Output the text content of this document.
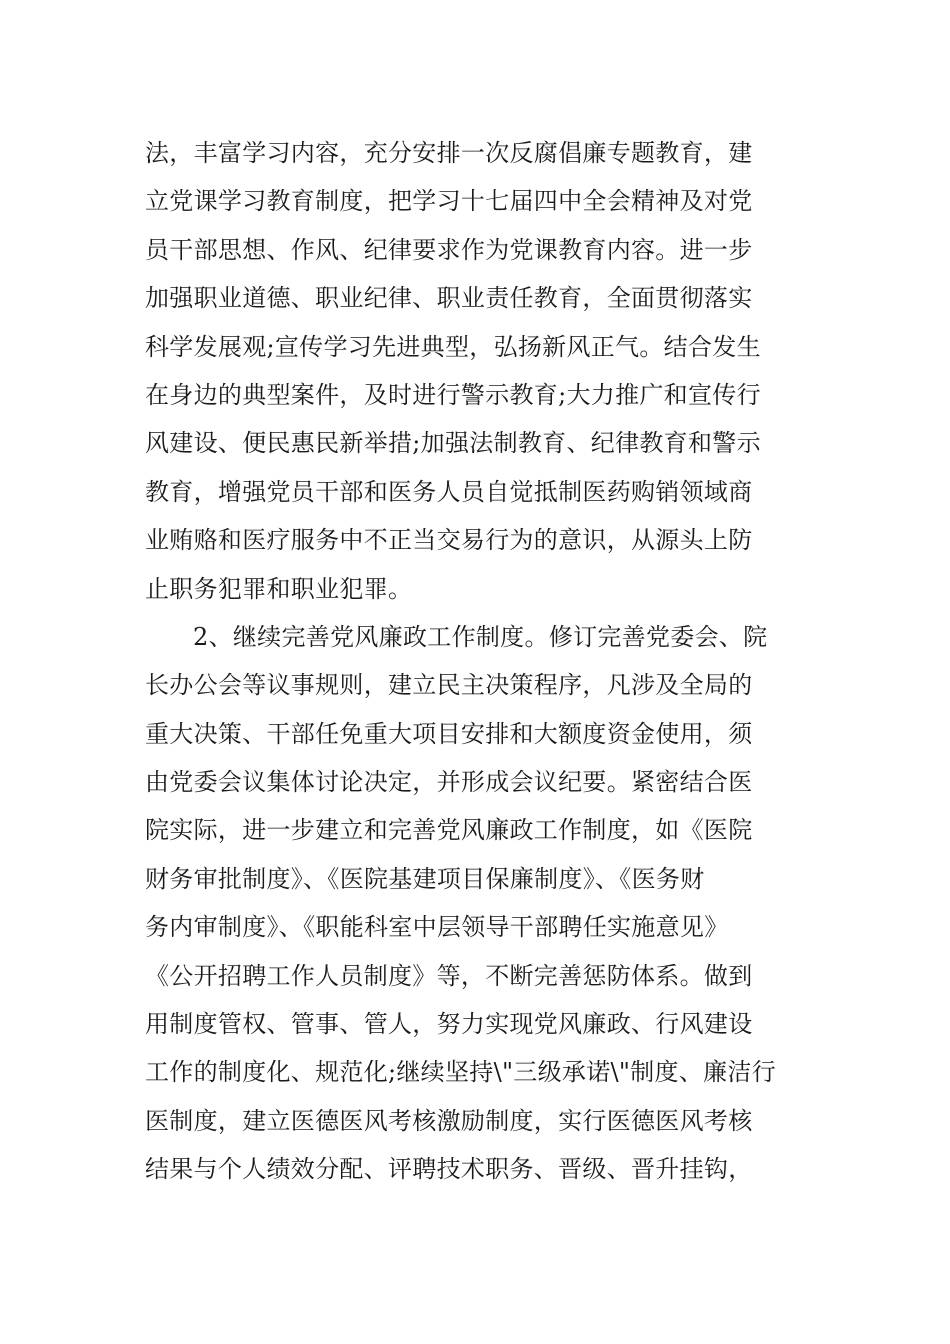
法，丰富学习内容，充分安排一次反腐倡廉专题教育，建
立党课学习教育制度，把学习十七届四中全会精神及对党
员干部思想、作风、纪律要求作为党课教育内容。进一步
加强职业道德、职业纪律、职业责任教育，全面贯彻落实
科学发展观;宣传学习先进典型，弘扬新风正气。结合发生
在身边的典型案件，及时进行警示教育;大力推广和宣传行
风建设、便民惠民新举措;加强法制教育、纪律教育和警示
教育，增强党员干部和医务人员自觉抵制医药购销领域商
业贿赂和医疗服务中不正当交易行为的意识，从源头上防
止职务犯罪和职业犯罪。
2、继续完善党风廉政工作制度。修订完善党委会、院
长办公会等议事规则，建立民主决策程序，凡涉及全局的
重大决策、干部任免重大项目安排和大额度资金使用，须
由党委会议集体讨论决定，并形成会议纪要。紧密结合医
院实际，进一步建立和完善党风廉政工作制度，如《医院
财务审批制度》、《医院基建项目保廉制度》、《医务财
务内审制度》、《职能科室中层领导干部聘任实施意见》
《公开招聘工作人员制度》等，不断完善惩防体系。做到
用制度管权、管事、管人，努力实现党风廉政、行风建设
工作的制度化、规范化;继续坚持\"三级承诺\"制度、廉洁行
医制度，建立医德医风考核激励制度，实行医德医风考核
结果与个人绩效分配、评聘技术职务、晋级、晋升挂钩，
